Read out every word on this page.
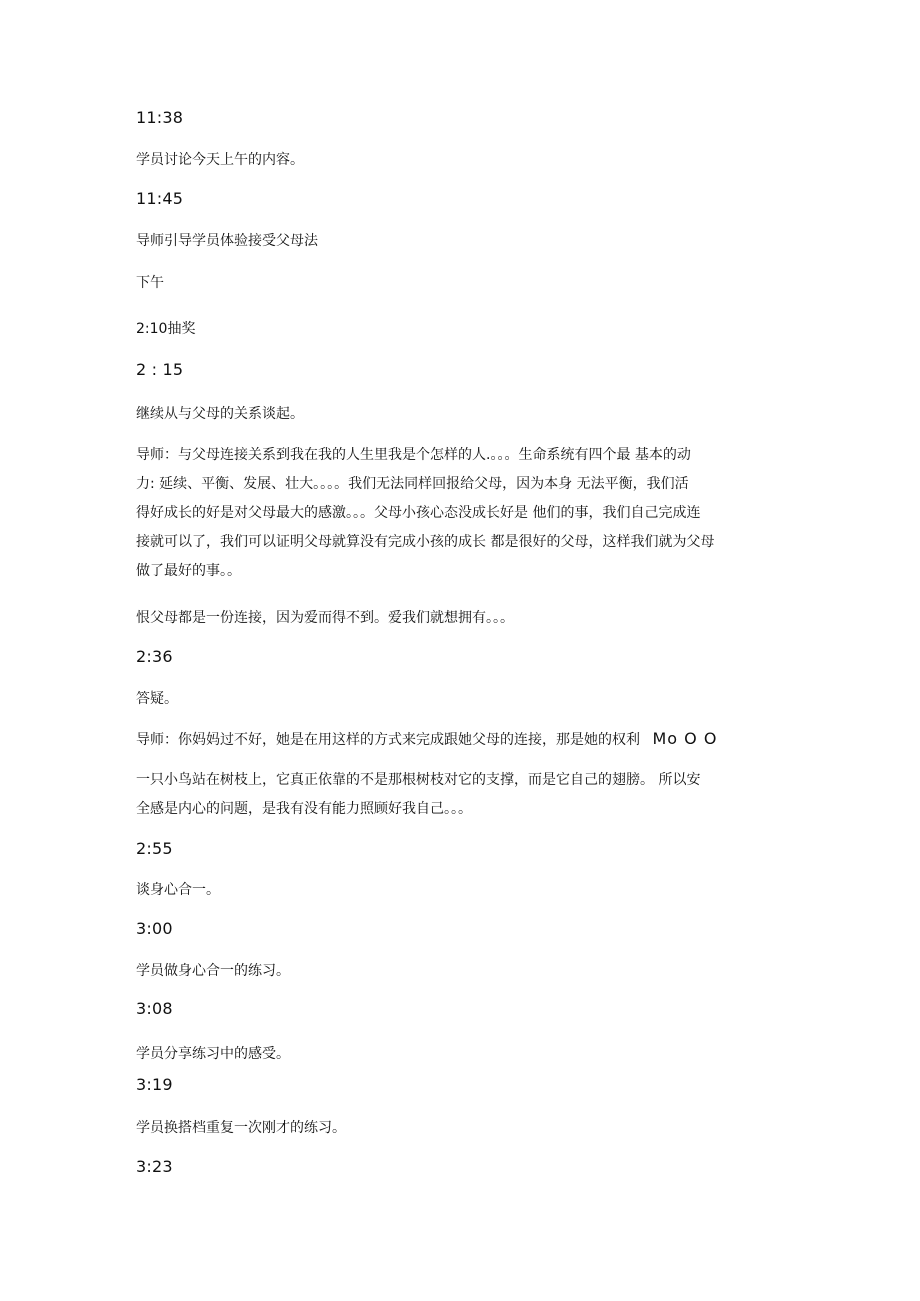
11:38

学员讨论今天上午的内容。

11:45

导师引导学员体验接受父母法

下午

2:10抽奖

2 : 15

继续从与父母的关系谈起。

导师：与父母连接关系到我在我的人生里我是个怎样的人.。。。生命系统有四个最 基本的动
力: 延续、平衡、发展、壮大。。。。我们无法同样回报给父母，因为本身 无法平衡，我们活
得好成长的好是对父母最大的感激。。。父母小孩心态没成长好是 他们的事，我们自己完成连
接就可以了，我们可以证明父母就算没有完成小孩的成长 都是很好的父母，这样我们就为父母
做了最好的事。。

恨父母都是一份连接，因为爱而得不到。爱我们就想拥有。。。

2:36

答疑。

导师：你妈妈过不好，她是在用这样的方式来完成跟她父母的连接，那是她的权利 Mo O O

一只小鸟站在树枝上，它真正依靠的不是那根树枝对它的支撑，而是它自己的翅膀。 所以安
全感是内心的问题，是我有没有能力照顾好我自己。。。

2:55

谈身心合一。

3:00

学员做身心合一的练习。

3:08

学员分享练习中的感受。

3:19

学员换搭档重复一次刚才的练习。

3:23
